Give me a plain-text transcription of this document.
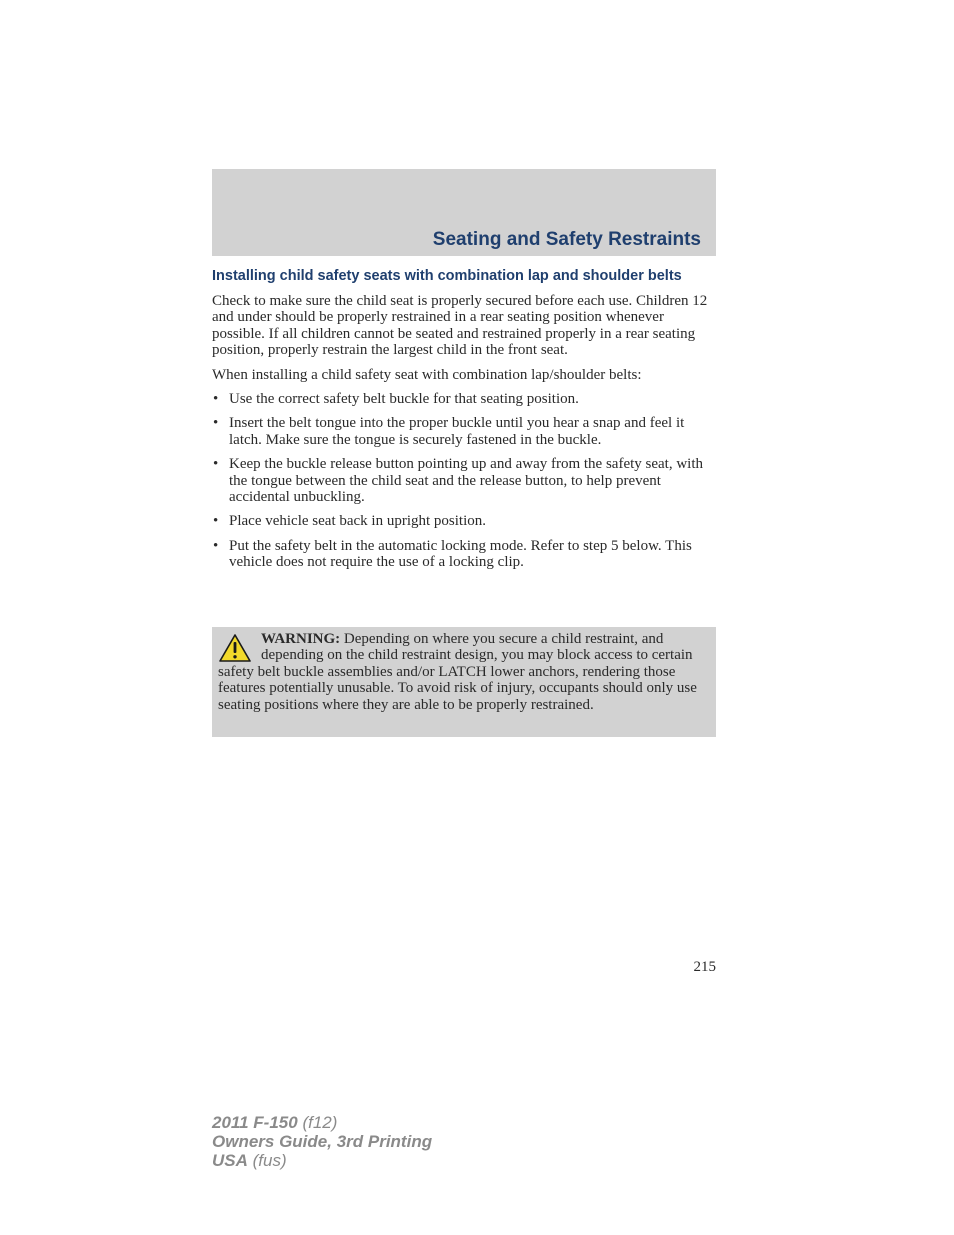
Seating and Safety Restraints
Installing child safety seats with combination lap and shoulder belts

Check to make sure the child seat is properly secured before each use. Children 12 and under should be properly restrained in a rear seating position whenever possible. If all children cannot be seated and restrained properly in a rear seating position, properly restrain the largest child in the front seat.

When installing a child safety seat with combination lap/shoulder belts:

• Use the correct safety belt buckle for that seating position.
• Insert the belt tongue into the proper buckle until you hear a snap and feel it latch. Make sure the tongue is securely fastened in the buckle.
• Keep the buckle release button pointing up and away from the safety seat, with the tongue between the child seat and the release button, to help prevent accidental unbuckling.
• Place vehicle seat back in upright position.
• Put the safety belt in the automatic locking mode. Refer to step 5 below. This vehicle does not require the use of a locking clip.

WARNING: Depending on where you secure a child restraint, and depending on the child restraint design, you may block access to certain safety belt buckle assemblies and/or LATCH lower anchors, rendering those features potentially unusable. To avoid risk of injury, occupants should only use seating positions where they are able to be properly restrained.

215
2011 F-150 (f12)
Owners Guide, 3rd Printing
USA (fus)
